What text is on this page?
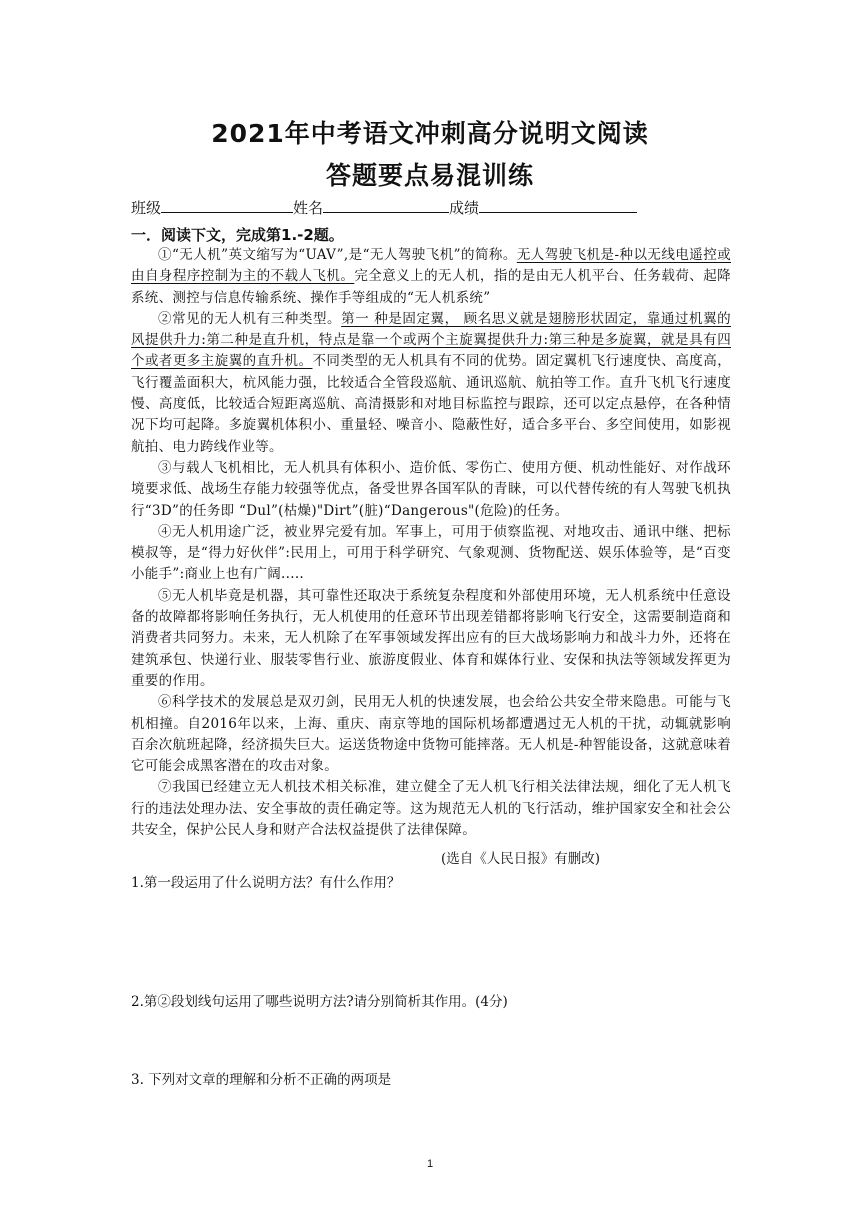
2021年中考语文冲刺高分说明文阅读
答题要点易混训练
班级	姓名	成绩
一．阅读下文，完成第1.-2题。

①“无人机”英文缩写为“UAV”,是“无人驾驶飞机”的简称。无人驾驶飞机是-种以无线电遥控或由自身程序控制为主的不载人飞机。完全意义上的无人机，指的是由无人机平台、任务载荷、起降系统、测控与信息传输系统、操作手等组成的“无人机系统”

②常见的无人机有三种类型。第一 种是固定翼， 顾名思义就是翅膀形状固定，靠通过机翼的风提供升力:第二种是直升机，特点是靠一个或两个主旋翼提供升力:第三种是多旋翼，就是具有四个或者更多主旋翼的直升机。不同类型的无人机具有不同的优势。固定翼机飞行速度快、高度高，飞行覆盖面积大，杭风能力强，比较适合全管段巡航、通讯巡航、航拍等工作。直升飞机飞行速度慢、高度低，比较适合短距离巡航、高清摄影和对地目标监控与跟踪，还可以定点悬停，在各种情况下均可起降。多旋翼机体积小、重量轻、噪音小、隐蔽性好，适合多平台、多空间使用，如影视航拍、电力跨线作业等。

③与载人飞机相比，无人机具有体积小、造价低、零伤亡、使用方便、机动性能好、对作战环境要求低、战场生存能力较强等优点，备受世界各国军队的青睐，可以代替传统的有人驾驶飞机执行“3D”的任务即 “Dul”(枯燥)"Dirt”(脏)“Dangerous"(危险)的任务。

④无人机用途广泛，被业界完爱有加。军事上，可用于侦察监视、对地攻击、通讯中继、把标模叔等，是“得力好伙伴”:民用上，可用于科学研究、气象观测、货物配送、娱乐体验等，是“百变小能手”:商业上也有广阔.....

⑤无人机毕竟是机器，其可靠性还取决于系统复杂程度和外部使用环境，无人机系统中任意设备的故障都将影响任务执行，无人机使用的任意环节出现差错都将影响飞行安全，这需要制造商和消费者共同努力。未来，无人机除了在军事领域发挥出应有的巨大战场影响力和战斗力外，还将在建筑承包、快递行业、服装零售行业、旅游度假业、体育和媒体行业、安保和执法等领域发挥更为重要的作用。

⑥科学技术的发展总是双刃剑，民用无人机的快速发展，也会给公共安全带来隐患。可能与飞机相撞。自2016年以来，上海、重庆、南京等地的国际机场都遭遇过无人机的干扰，动辄就影响百余次航班起降，经济损失巨大。运送货物途中货物可能摔落。无人机是-种智能设备，这就意味着它可能会成黑客潜在的攻击对象。

⑦我国已经建立无人机技术相关标准，建立健全了无人机飞行相关法律法规，细化了无人机飞行的违法处理办法、安全事故的责任确定等。这为规范无人机的飞行活动，维护国家安全和社会公共安全，保护公民人身和财产合法权益提供了法律保障。

(选自《人民日报》有删改)
1.第一段运用了什么说明方法？有什么作用？
2.第②段划线句运用了哪些说明方法?请分别简析其作用。(4分)
3. 下列对文章的理解和分析不正确的两项是
1
